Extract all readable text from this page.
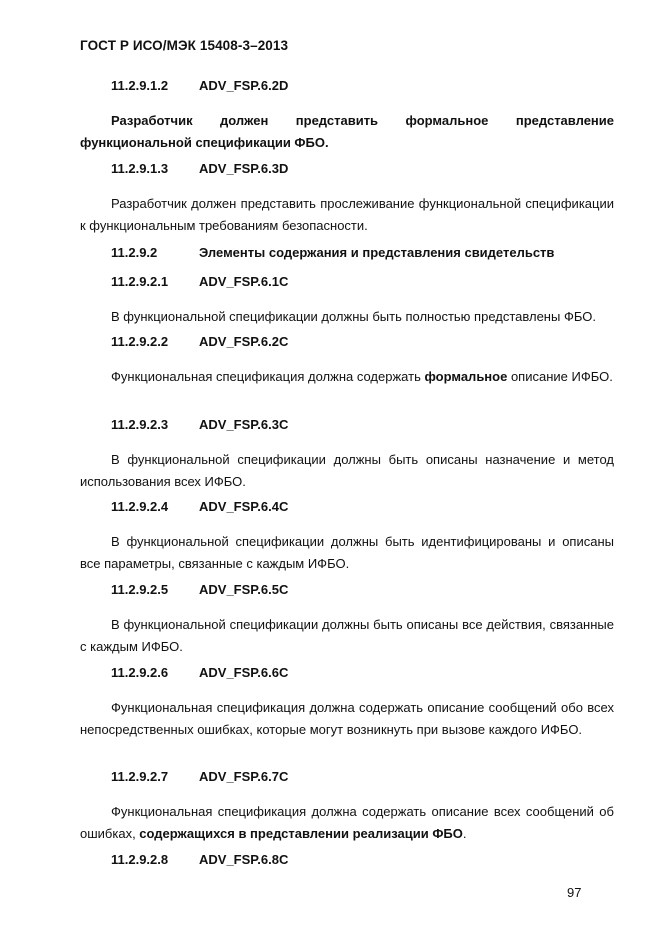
ГОСТ Р ИСО/МЭК 15408-3–2013
11.2.9.1.2	ADV_FSP.6.2D

Разработчик должен представить формальное представление функциональной спецификации ФБО.

11.2.9.1.3	ADV_FSP.6.3D

Разработчик должен представить прослеживание функциональной спецификации к функциональным требованиям безопасности.

11.2.9.2	Элементы содержания и представления свидетельств
11.2.9.2.1	ADV_FSP.6.1C

В функциональной спецификации должны быть полностью представлены ФБО.

11.2.9.2.2	ADV_FSP.6.2C

Функциональная спецификация должна содержать формальное описание ИФБО.

11.2.9.2.3	ADV_FSP.6.3C

В функциональной спецификации должны быть описаны назначение и метод использования всех ИФБО.

11.2.9.2.4	ADV_FSP.6.4C

В функциональной спецификации должны быть идентифицированы и описаны все параметры, связанные с каждым ИФБО.

11.2.9.2.5	ADV_FSP.6.5C

В функциональной спецификации должны быть описаны все действия, связанные с каждым ИФБО.

11.2.9.2.6	ADV_FSP.6.6C

Функциональная спецификация должна содержать описание сообщений обо всех непосредственных ошибках, которые могут возникнуть при вызове каждого ИФБО.

11.2.9.2.7	ADV_FSP.6.7C

Функциональная спецификация должна содержать описание всех сообщений об ошибках, содержащихся в представлении реализации ФБО.

11.2.9.2.8	ADV_FSP.6.8C
97
